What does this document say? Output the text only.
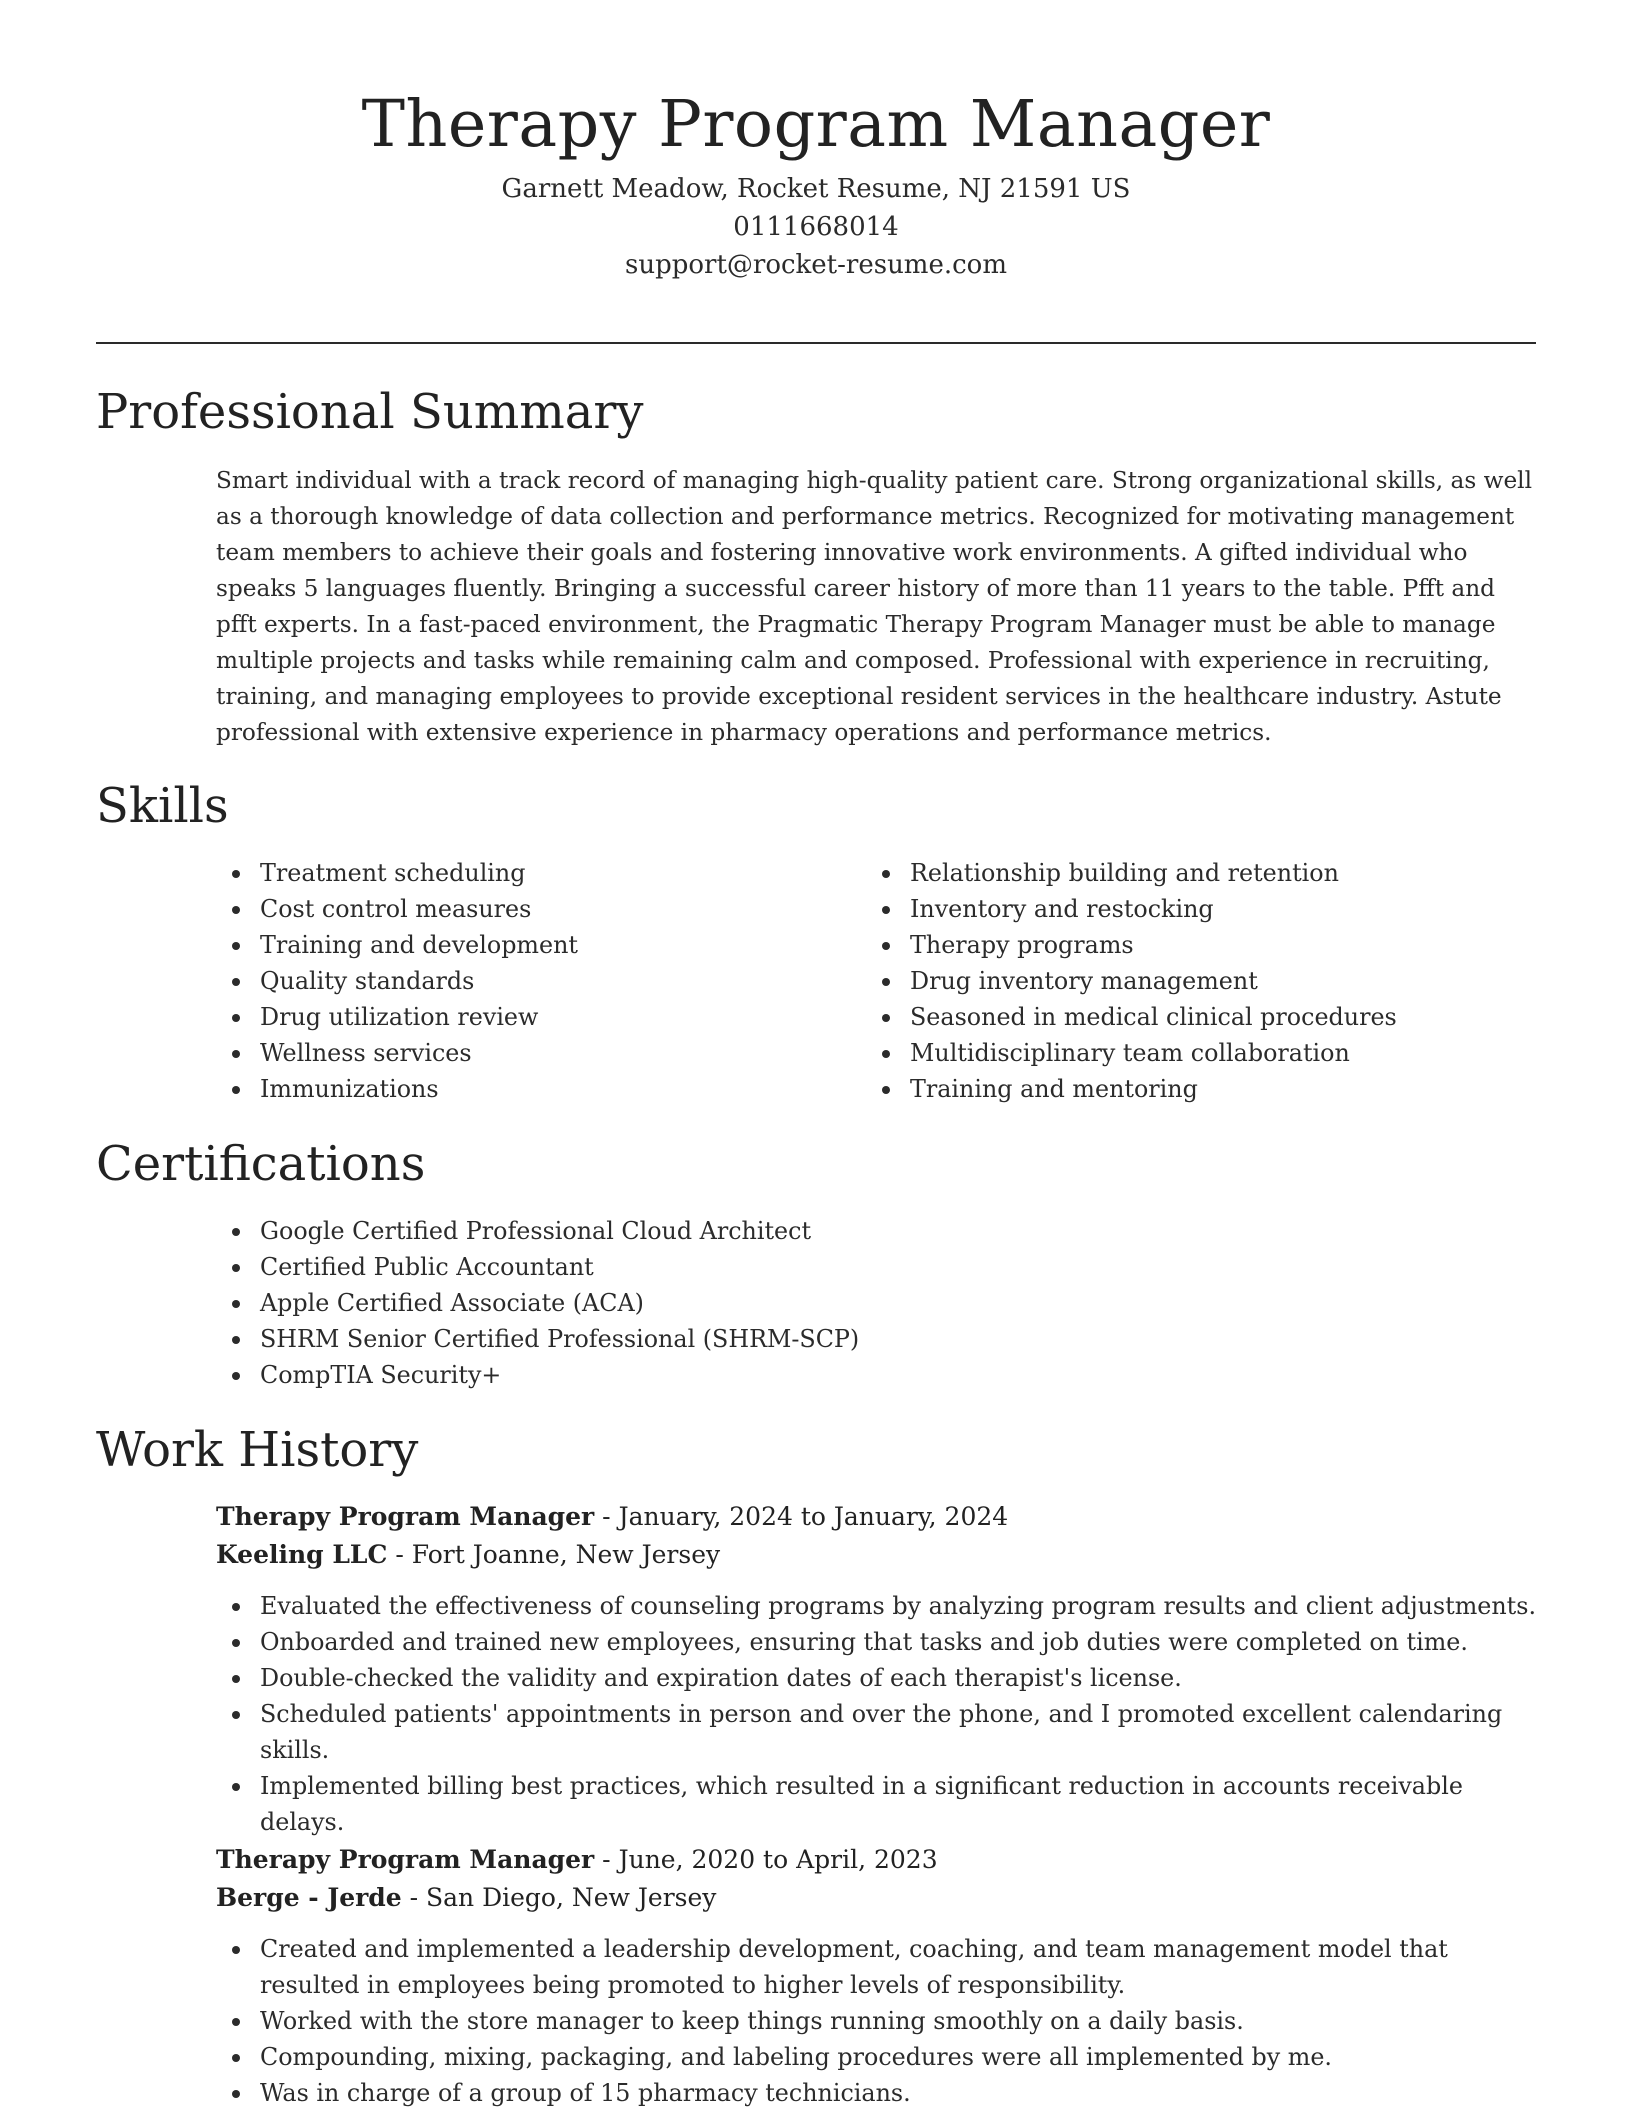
Therapy Program Manager
Garnett Meadow, Rocket Resume, NJ 21591 US
0111668014
support@rocket-resume.com
Professional Summary

Smart individual with a track record of managing high-quality patient care. Strong organizational skills, as well as a thorough knowledge of data collection and performance metrics. Recognized for motivating management team members to achieve their goals and fostering innovative work environments. A gifted individual who speaks 5 languages fluently. Bringing a successful career history of more than 11 years to the table. Pfft and pfft experts. In a fast-paced environment, the Pragmatic Therapy Program Manager must be able to manage multiple projects and tasks while remaining calm and composed. Professional with experience in recruiting, training, and managing employees to provide exceptional resident services in the healthcare industry. Astute professional with extensive experience in pharmacy operations and performance metrics.

Skills
Treatment scheduling
Cost control measures
Training and development
Quality standards
Drug utilization review
Wellness services
Immunizations
Relationship building and retention
Inventory and restocking
Therapy programs
Drug inventory management
Seasoned in medical clinical procedures
Multidisciplinary team collaboration
Training and mentoring
Certifications
Google Certified Professional Cloud Architect
Certified Public Accountant
Apple Certified Associate (ACA)
SHRM Senior Certified Professional (SHRM-SCP)
CompTIA Security+
Work History
Therapy Program Manager - January, 2024 to January, 2024
Keeling LLC - Fort Joanne, New Jersey
Evaluated the effectiveness of counseling programs by analyzing program results and client adjustments.
Onboarded and trained new employees, ensuring that tasks and job duties were completed on time.
Double-checked the validity and expiration dates of each therapist's license.
Scheduled patients' appointments in person and over the phone, and I promoted excellent calendaring skills.
Implemented billing best practices, which resulted in a significant reduction in accounts receivable delays.
Therapy Program Manager - June, 2020 to April, 2023
Berge - Jerde - San Diego, New Jersey
Created and implemented a leadership development, coaching, and team management model that resulted in employees being promoted to higher levels of responsibility.
Worked with the store manager to keep things running smoothly on a daily basis.
Compounding, mixing, packaging, and labeling procedures were all implemented by me.
Was in charge of a group of 15 pharmacy technicians.
